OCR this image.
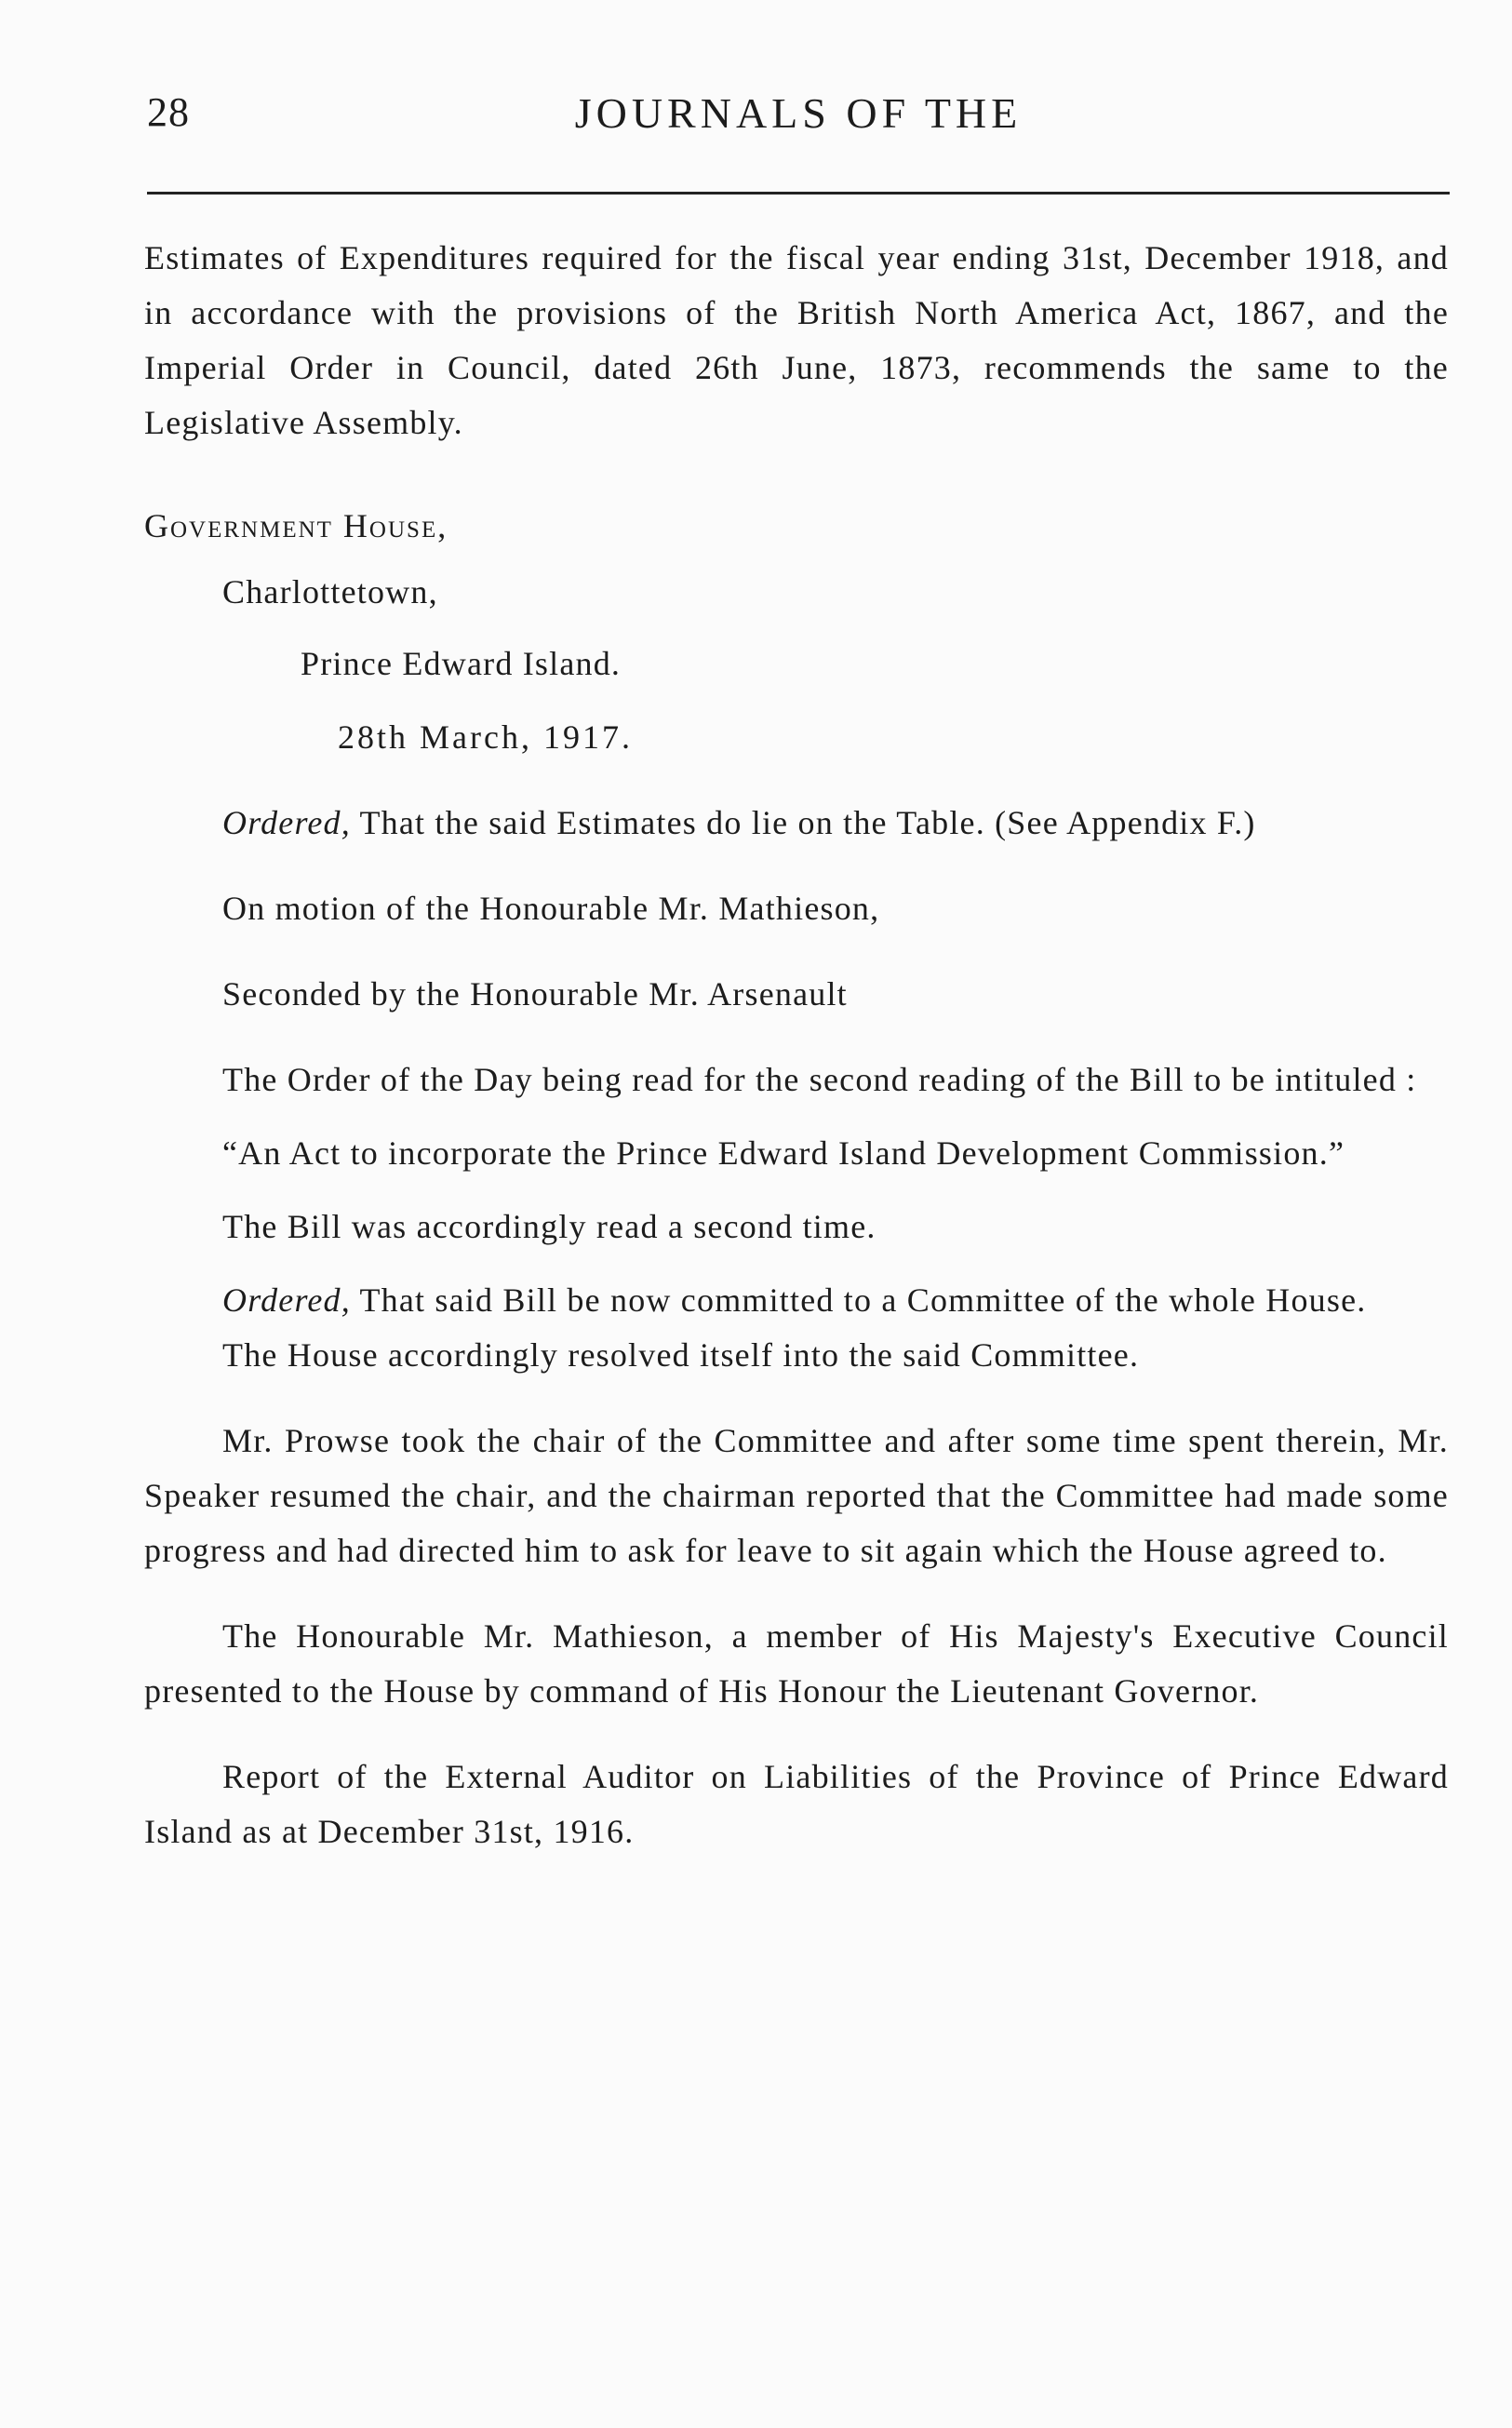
28	JOURNALS OF THE

Estimates of Expenditures required for the fiscal year ending 31st, December 1918, and in accordance with the provisions of the British North America Act, 1867, and the Imperial Order in Council, dated 26th June, 1873, recommends the same to the Legislative Assembly.

Government House,

Charlottetown,

Prince Edward Island.

28th March, 1917.

Ordered, That the said Estimates do lie on the Table. (See Appendix F.)

On motion of the Honourable Mr. Mathieson,

Seconded by the Honourable Mr. Arsenault

The Order of the Day being read for the second reading of the Bill to be intituled :

“An Act to incorporate the Prince Edward Island Development Commission.”

The Bill was accordingly read a second time.

Ordered, That said Bill be now committed to a Committee of the whole House.

The House accordingly resolved itself into the said Committee.

Mr. Prowse took the chair of the Committee and after some time spent therein, Mr. Speaker resumed the chair, and the chairman reported that the Committee had made some progress and had directed him to ask for leave to sit again which the House agreed to.

The Honourable Mr. Mathieson, a member of His Majesty's Executive Council presented to the House by command of His Honour the Lieutenant Governor.

Report of the External Auditor on Liabilities of the Province of Prince Edward Island as at December 31st, 1916.
